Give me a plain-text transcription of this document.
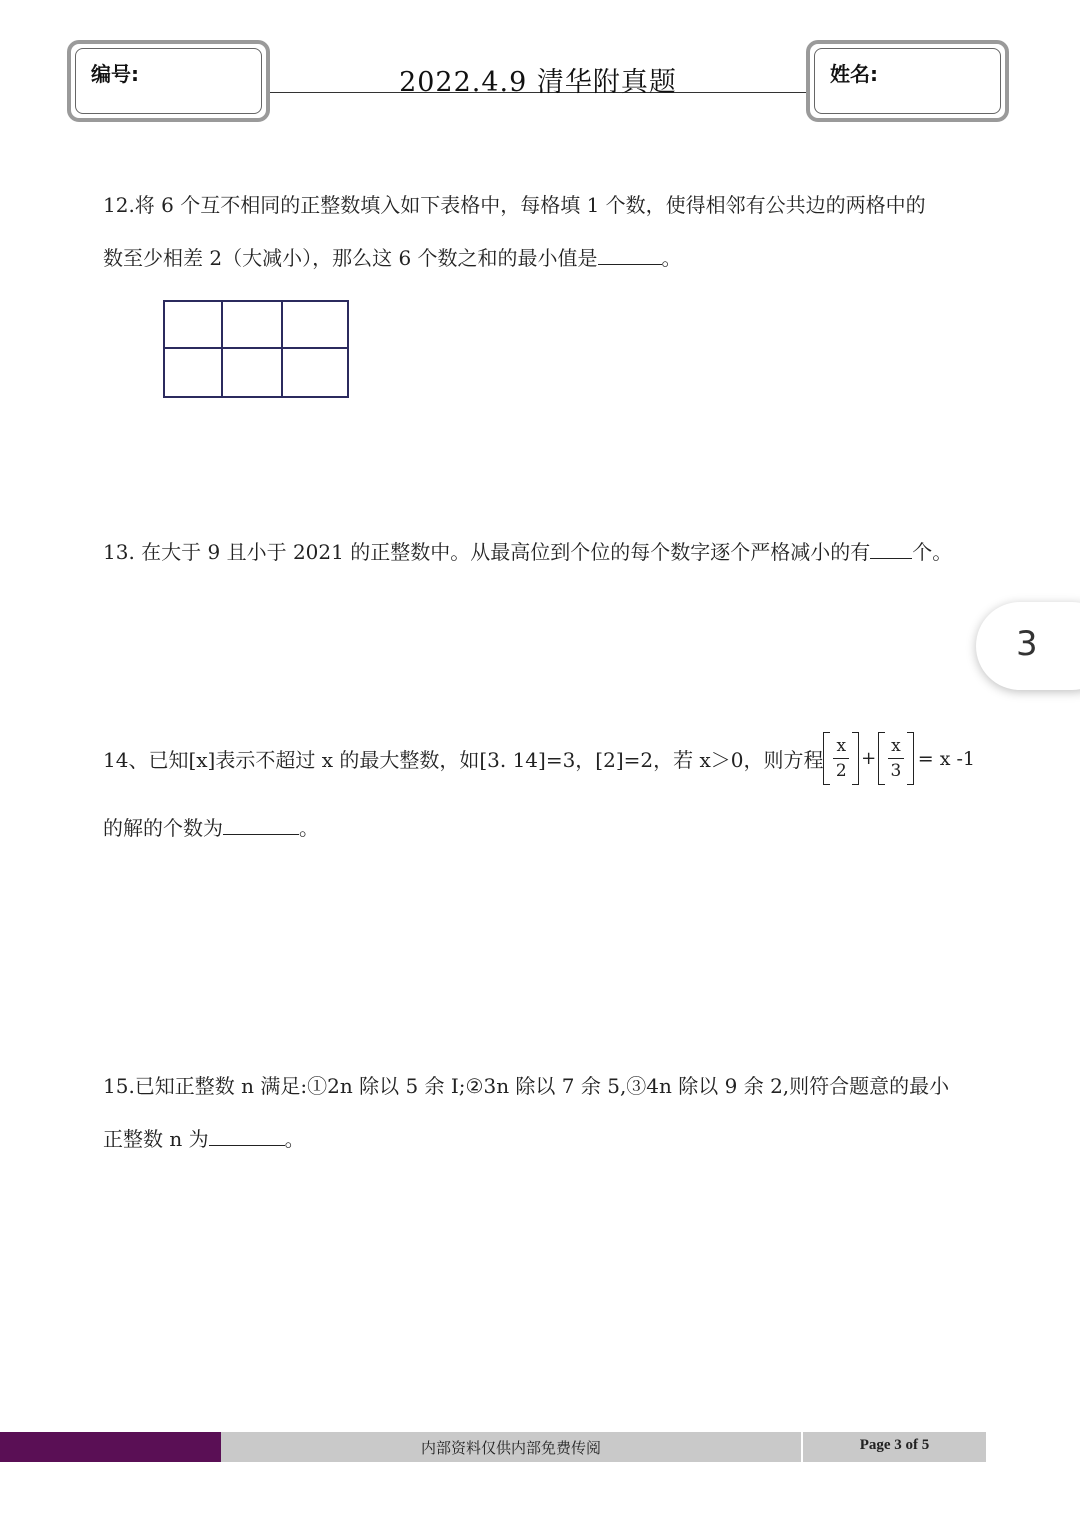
编号:	2022.4.9 清华附真题	姓名:
12.将 6 个互不相同的正整数填入如下表格中，每格填 1 个数，使得相邻有公共边的两格中的
数至少相差 2（大减小），那么这 6 个数之和的最小值是	。
13. 在大于 9 且小于 2021 的正整数中。从最高位到个位的每个数字逐个严格减小的有 个。
3
14、已知[x]表示不超过 x 的最大整数，如[3. 14]=3，[2]=2，若 x＞0，则方程
x
2
+
x
3
= x -1
的解的个数为	。
15.已知正整数 n 满足:①2n 除以 5 余 I;②3n 除以 7 余 5,③4n 除以 9 余 2,则符合题意的最小
正整数 n 为	。
内部资料仅供内部免费传阅	Page 3 of 5
